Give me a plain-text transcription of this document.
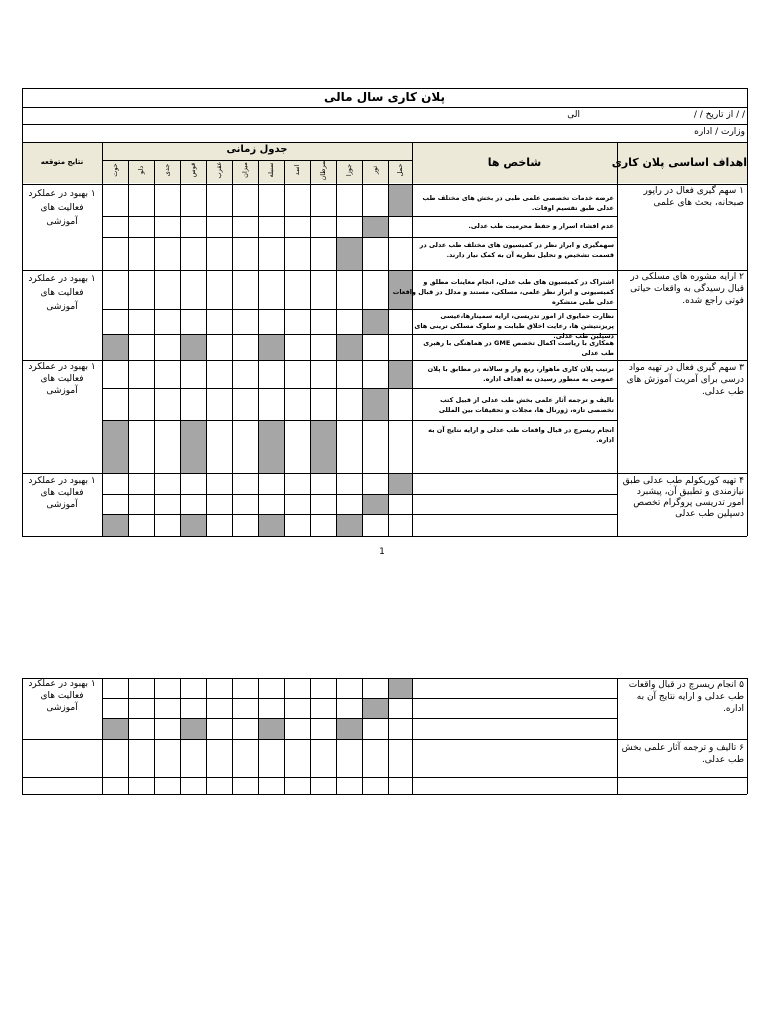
پلان کاری سال مالی
/ / از تاریخ / /
الی
وزارت / اداره
اهداف اساسی پلان کاری
شاخص ها
جدول زمانی
نتایج متوقعه
حمل
ثور
جوزا
سرطان
اسد
سنبله
میزان
عقرب
قوس
جدی
دلو
حوت
۱ سهم گیری فعال در راپور صبحانه، بحث های علمی
۱ بهبود در عملکرد فعالیت های آموزشی
عرضه خدمات تخصصی علمی طبی در بخش های مختلف طب عدلی طبق تقسیم اوقات.
عدم افشاء اسرار و حفظ محرمیت طب عدلی.
سهمگیری و ابراز نظر در کمیسیون های مختلف طب عدلی در قسمت تشخیص و تحلیل نظریه آن به کمک نیاز دارند.
۲ ارایه مشوره های مسلکی در قبال رسیدگی به واقعات حیاتی فوتی راجع شده.
۱ بهبود در عملکرد فعالیت های آموزشی
اشتراک در کمیسیون های طب عدلی، انجام معاینات مطلق و کمیسیونی و ابراز نظر علمی، مسلکی، مستند و مدلل در قبال واقعات عدلی طبی متشکره
نظارت حمایوی از امور تدریسی، ارایه سمینارها،عیسی پریزنتیشن ها، رعایت اخلاق طبابت و سلوک مسلکی ترینی های دسپلین طب عدلی.
همکاری با ریاست اکمال تخصص GME در هماهنگی با رهبری طب عدلی
۳ سهم گیری فعال در تهیه مواد درسی برای آمریت آموزش های طب عدلی.
۱ بهبود در عملکرد فعالیت های آموزشی
ترتیب پلان کاری ماهوار، ربع وار و سالانه در مطابق با پلان عمومی به منظور رسیدن به اهداف اداره.
تالیف و ترجمه آثار علمی بخش طب عدلی از قبیل کتب تخصصی تازه، ژورنال ها، مجلات و تحقیقات بین المللی
انجام ریسرچ در قبال واقعات طب عدلی و ارایه نتایج آن به اداره.
۴ تهیه کوریکولم طب عدلی طبق نیازمندی و تطبیق آن، پیشبرد امور تدریسی پروگرام تخصص دسپلین طب عدلی
۱ بهبود در عملکرد فعالیت های آموزشی
1
۵ انجام ریسرچ در قبال واقعات طب عدلی و ارایه نتایج آن به اداره.
۱ بهبود در عملکرد فعالیت های آموزشی
۶ تالیف و ترجمه آثار علمی بخش طب عدلی.
